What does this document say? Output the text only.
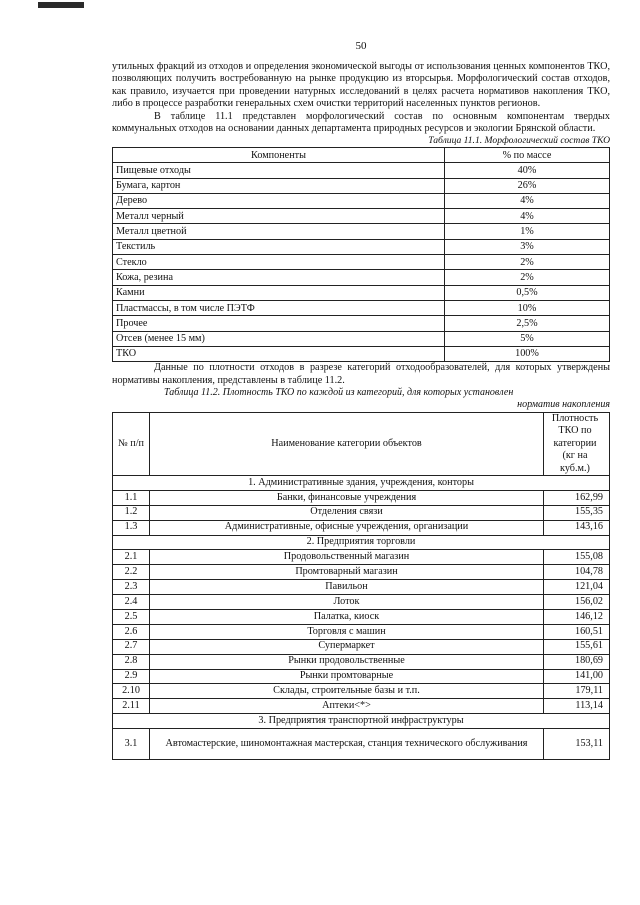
50

утильных фракций из отходов и определения экономической выгоды от использования ценных компонентов ТКО, позволяющих получить востребованную на рынке продукцию из вторсырья. Морфологический состав отходов, как правило, изучается при проведении натурных исследований в целях расчета нормативов накопления ТКО, либо в процессе разработки генеральных схем очистки территорий населенных пунктов регионов.

В таблице 11.1 представлен морфологический состав по основным компонентам твердых коммунальных отходов на основании данных департамента природных ресурсов и экологии Брянской области.

Таблица 11.1. Морфологический состав ТКО
Компоненты	% по массе
Пищевые отходы	40%
Бумага, картон	26%
Дерево	4%
Металл черный	4%
Металл цветной	1%
Текстиль	3%
Стекло	2%
Кожа, резина	2%
Камни	0,5%
Пластмассы, в том числе ПЭТФ	10%
Прочее	2,5%
Отсев (менее 15 мм)	5%
ТКО	100%

Данные по плотности отходов в разрезе категорий отходообразователей, для которых утверждены нормативы накопления, представлены в таблице 11.2.

Таблица 11.2. Плотность ТКО по каждой из категорий, для которых установлен
норматив накопления
№ п/п	Наименование категории объектов	Плотность ТКО по категории (кг на куб.м.)
1. Административные здания, учреждения, конторы		
1.1	Банки, финансовые учреждения	162,99
1.2	Отделения связи	155,35
1.3	Административные, офисные учреждения, организации	143,16
2. Предприятия торговли		
2.1	Продовольственный магазин	155,08
2.2	Промтоварный магазин	104,78
2.3	Павильон	121,04
2.4	Лоток	156,02
2.5	Палатка, киоск	146,12
2.6	Торговля с машин	160,51
2.7	Супермаркет	155,61
2.8	Рынки продовольственные	180,69
2.9	Рынки промтоварные	141,00
2.10	Склады, строительные базы и т.п.	179,11
2.11	Аптеки<*>	113,14
3. Предприятия транспортной инфраструктуры		
3.1	Автомастерские, шиномонтажная мастерская, станция технического обслуживания	153,11
